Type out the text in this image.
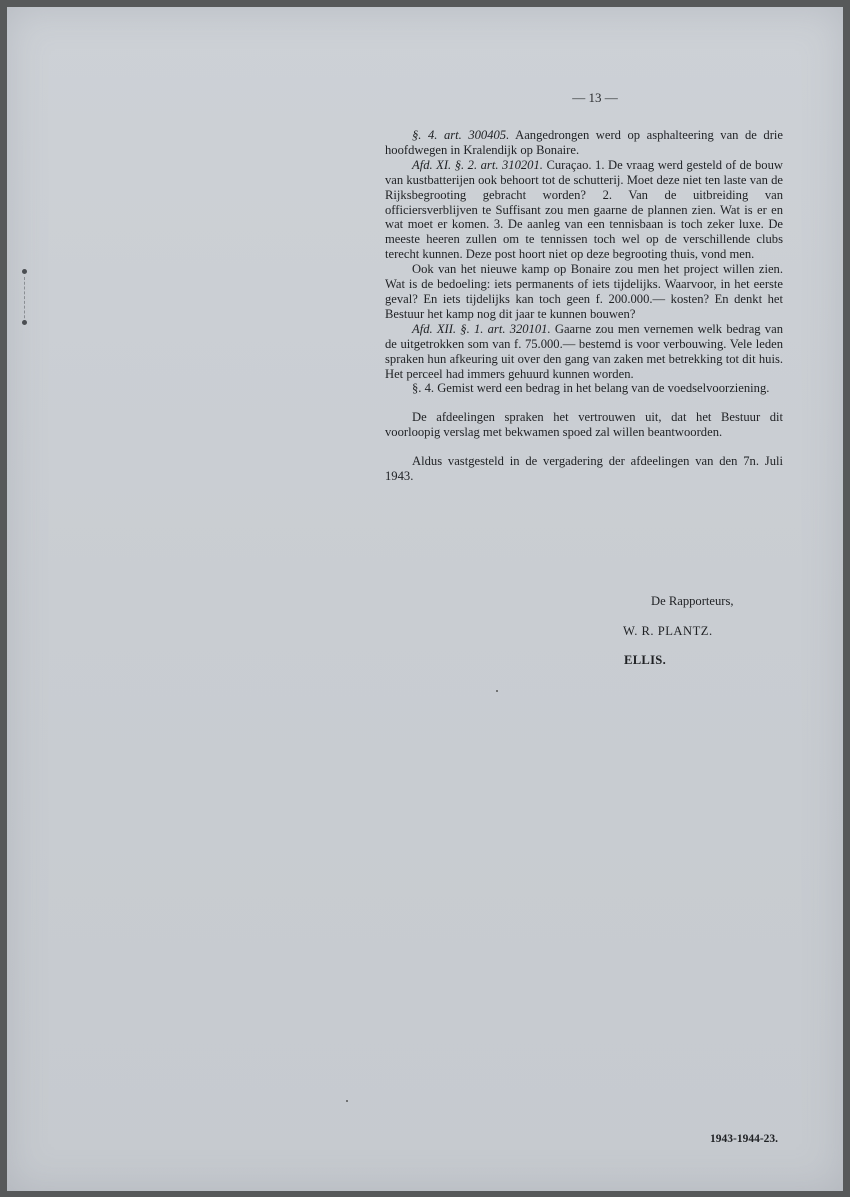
— 13 —

§. 4. art. 300405. Aangedrongen werd op asphalteering van de drie hoofdwegen in Kralendijk op Bonaire.

Afd. XI. §. 2. art. 310201. Curaçao. 1. De vraag werd gesteld of de bouw van kustbatterijen ook behoort tot de schutterij. Moet deze niet ten laste van de Rijksbegrooting gebracht worden? 2. Van de uitbreiding van officiersverblijven te Suffisant zou men gaarne de plannen zien. Wat is er en wat moet er komen. 3. De aanleg van een tennisbaan is toch zeker luxe. De meeste heeren zullen om te tennissen toch wel op de verschillende clubs terecht kunnen. Deze post hoort niet op deze begrooting thuis, vond men.

Ook van het nieuwe kamp op Bonaire zou men het project willen zien. Wat is de bedoeling: iets permanents of iets tijdelijks. Waarvoor, in het eerste geval? En iets tijdelijks kan toch geen f. 200.000.— kosten? En denkt het Bestuur het kamp nog dit jaar te kunnen bouwen?

Afd. XII. §. 1. art. 320101. Gaarne zou men vernemen welk bedrag van de uitgetrokken som van f. 75.000.— bestemd is voor verbouwing. Vele leden spraken hun afkeuring uit over den gang van zaken met betrekking tot dit huis. Het perceel had immers gehuurd kunnen worden.

§. 4. Gemist werd een bedrag in het belang van de voedselvoorziening.

De afdeelingen spraken het vertrouwen uit, dat het Bestuur dit voorloopig verslag met bekwamen spoed zal willen beantwoorden.

Aldus vastgesteld in de vergadering der afdeelingen van den 7n. Juli 1943.

De Rapporteurs,
W. R. PLANTZ.
ELLIS.
1943-1944-23.
